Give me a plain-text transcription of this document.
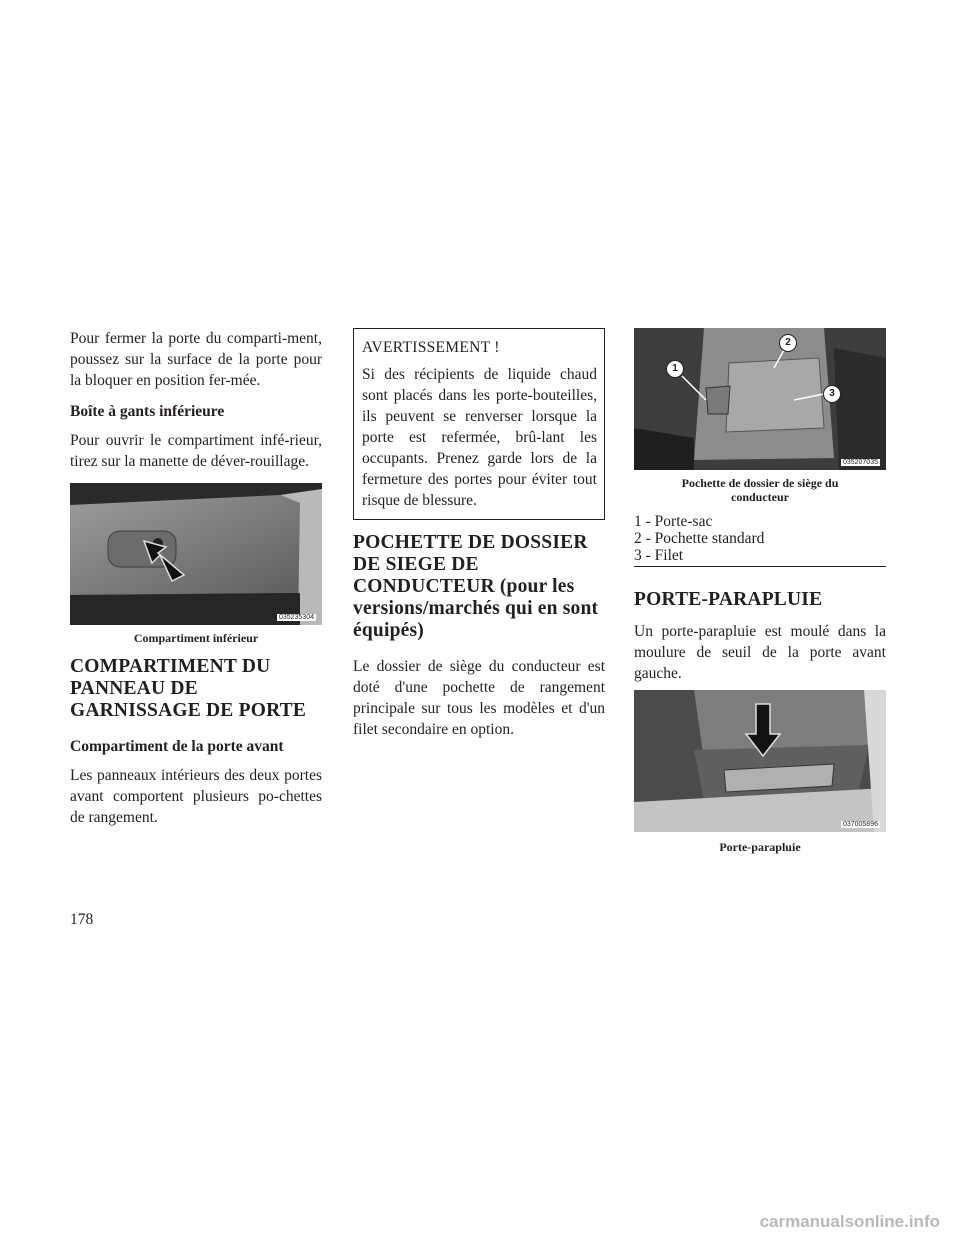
Pour fermer la porte du comparti-ment, poussez sur la surface de la porte pour la bloquer en position fer-mée.

Boîte à gants inférieure

Pour ouvrir le compartiment infé-rieur, tirez sur la manette de déver-rouillage.

035235304
Compartiment inférieur
COMPARTIMENT DU PANNEAU DE GARNISSAGE DE PORTE
Compartiment de la porte avant

Les panneaux intérieurs des deux portes avant comportent plusieurs po-chettes de rangement.

AVERTISSEMENT !

Si des récipients de liquide chaud sont placés dans les porte-bouteilles, ils peuvent se renverser lorsque la porte est refermée, brû-lant les occupants. Prenez garde lors de la fermeture des portes pour éviter tout risque de blessure.

POCHETTE DE DOSSIER DE SIEGE DE CONDUCTEUR (pour les versions/marchés qui en sont équipés)

Le dossier de siège du conducteur est doté d'une pochette de rangement principale sur tous les modèles et d'un filet secondaire en option.

1
2
3
035207035
Pochette de dossier de siège du conducteur
1 - Porte-sac
2 - Pochette standard
3 - Filet
PORTE-PARAPLUIE

Un porte-parapluie est moulé dans la moulure de seuil de la porte avant gauche.

037005896
Porte-parapluie
178
carmanualsonline.info
